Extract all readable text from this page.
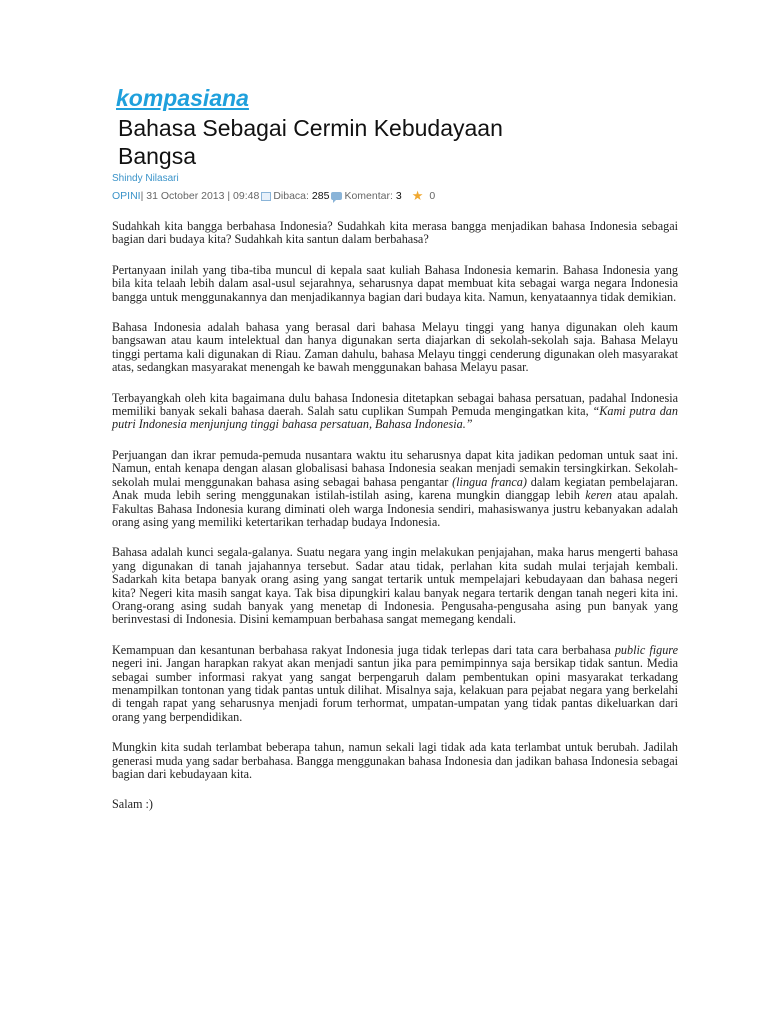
kompasiana
Bahasa Sebagai Cermin Kebudayaan Bangsa
Shindy Nilasari
OPINI | 31 October 2013 | 09:48 Dibaca: 285 Komentar: 3 ★ 0

Sudahkah kita bangga berbahasa Indonesia? Sudahkah kita merasa bangga menjadikan bahasa Indonesia sebagai bagian dari budaya kita? Sudahkah kita santun dalam berbahasa?

Pertanyaan inilah yang tiba-tiba muncul di kepala saat kuliah Bahasa Indonesia kemarin. Bahasa Indonesia yang bila kita telaah lebih dalam asal-usul sejarahnya, seharusnya dapat membuat kita sebagai warga negara Indonesia bangga untuk menggunakannya dan menjadikannya bagian dari budaya kita. Namun, kenyataannya tidak demikian.

Bahasa Indonesia adalah bahasa yang berasal dari bahasa Melayu tinggi yang hanya digunakan oleh kaum bangsawan atau kaum intelektual dan hanya digunakan serta diajarkan di sekolah-sekolah saja. Bahasa Melayu tinggi pertama kali digunakan di Riau. Zaman dahulu, bahasa Melayu tinggi cenderung digunakan oleh masyarakat atas, sedangkan masyarakat menengah ke bawah menggunakan bahasa Melayu pasar.

Terbayangkah oleh kita bagaimana dulu bahasa Indonesia ditetapkan sebagai bahasa persatuan, padahal Indonesia memiliki banyak sekali bahasa daerah. Salah satu cuplikan Sumpah Pemuda mengingatkan kita, “Kami putra dan putri Indonesia menjunjung tinggi bahasa persatuan, Bahasa Indonesia.”

Perjuangan dan ikrar pemuda-pemuda nusantara waktu itu seharusnya dapat kita jadikan pedoman untuk saat ini. Namun, entah kenapa dengan alasan globalisasi bahasa Indonesia seakan menjadi semakin tersingkirkan. Sekolah-sekolah mulai menggunakan bahasa asing sebagai bahasa pengantar (lingua franca) dalam kegiatan pembelajaran. Anak muda lebih sering menggunakan istilah-istilah asing, karena mungkin dianggap lebih keren atau apalah. Fakultas Bahasa Indonesia kurang diminati oleh warga Indonesia sendiri, mahasiswanya justru kebanyakan adalah orang asing yang memiliki ketertarikan terhadap budaya Indonesia.

Bahasa adalah kunci segala-galanya. Suatu negara yang ingin melakukan penjajahan, maka harus mengerti bahasa yang digunakan di tanah jajahannya tersebut. Sadar atau tidak, perlahan kita sudah mulai terjajah kembali. Sadarkah kita betapa banyak orang asing yang sangat tertarik untuk mempelajari kebudayaan dan bahasa negeri kita? Negeri kita masih sangat kaya. Tak bisa dipungkiri kalau banyak negara tertarik dengan tanah negeri kita ini. Orang-orang asing sudah banyak yang menetap di Indonesia. Pengusaha-pengusaha asing pun banyak yang berinvestasi di Indonesia. Disini kemampuan berbahasa sangat memegang kendali.

Kemampuan dan kesantunan berbahasa rakyat Indonesia juga tidak terlepas dari tata cara berbahasa public figure negeri ini. Jangan harapkan rakyat akan menjadi santun jika para pemimpinnya saja bersikap tidak santun. Media sebagai sumber informasi rakyat yang sangat berpengaruh dalam pembentukan opini masyarakat terkadang menampilkan tontonan yang tidak pantas untuk dilihat. Misalnya saja, kelakuan para pejabat negara yang berkelahi di tengah rapat yang seharusnya menjadi forum terhormat, umpatan-umpatan yang tidak pantas dikeluarkan dari orang yang berpendidikan.

Mungkin kita sudah terlambat beberapa tahun, namun sekali lagi tidak ada kata terlambat untuk berubah. Jadilah generasi muda yang sadar berbahasa. Bangga menggunakan bahasa Indonesia dan jadikan bahasa Indonesia sebagai bagian dari kebudayaan kita.

Salam :)
